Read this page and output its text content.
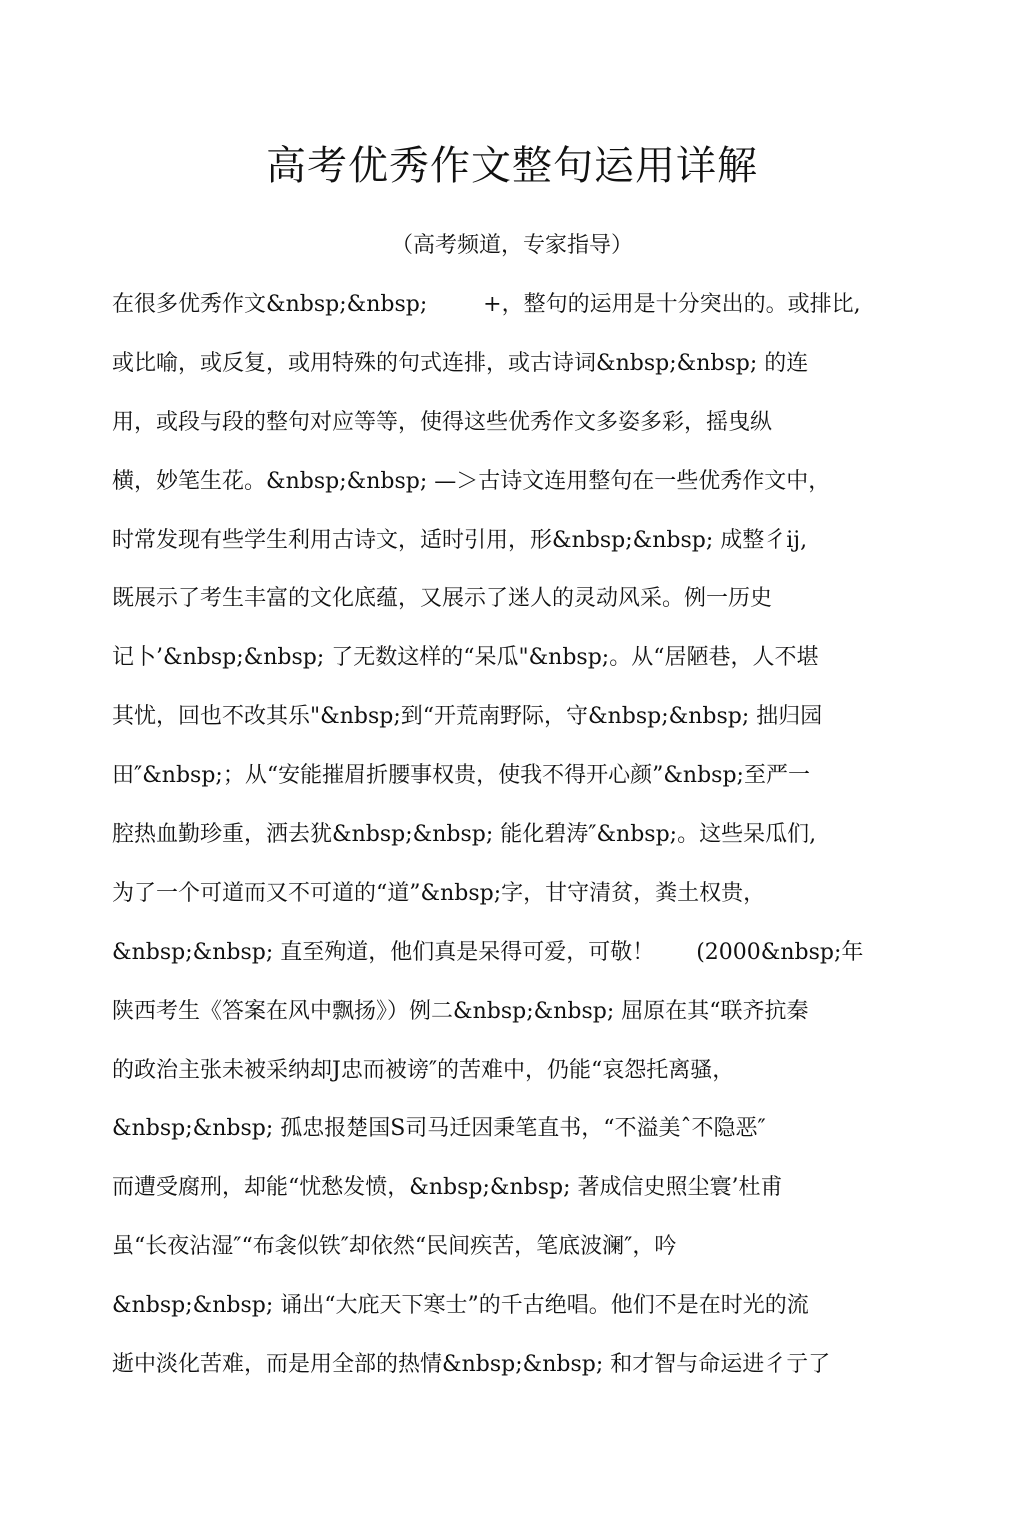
高考优秀作文整句运用详解

（高考频道，专家指导）

在很多优秀作文&nbsp;&nbsp;        +，整句的运用是十分突出的。或排比,
或比喻，或反复，或用特殊的句式连排，或古诗词&nbsp;&nbsp; 的连
用，或段与段的整句对应等等，使得这些优秀作文多姿多彩，摇曳纵
横，妙笔生花。&nbsp;&nbsp; —＞古诗文连用整句在一些优秀作文中，
时常发现有些学生利用古诗文，适时引用，形&nbsp;&nbsp; 成整彳ij,
既展示了考生丰富的文化底蕴，又展示了迷人的灵动风采。例一历史
记卜’&nbsp;&nbsp; 了无数这样的“呆瓜"&nbsp;。从“居陋巷，人不堪
其忧，回也不改其乐"&nbsp;到“开荒南野际，守&nbsp;&nbsp; 拙归园
田″&nbsp;；从“安能摧眉折腰事权贵，使我不得开心颜”&nbsp;至严一
腔热血勤珍重，洒去犹&nbsp;&nbsp; 能化碧涛″&nbsp;。这些呆瓜们,
为了一个可道而又不可道的“道”&nbsp;字，甘守清贫，粪土权贵，
&nbsp;&nbsp; 直至殉道，他们真是呆得可爱，可敬！      (2000&nbsp;年
陕西考生《答案在风中飘扬》）例二&nbsp;&nbsp; 屈原在其“联齐抗秦
的政治主张未被采纳却J忠而被谤″的苦难中，仍能“哀怨托离骚，
&nbsp;&nbsp; 孤忠报楚国S司马迁因秉笔直书，“不溢美ˆ不隐恶″
而遭受腐刑，却能“忧愁发愤，&nbsp;&nbsp; 著成信史照尘寰’杜甫
虽“长夜沾湿″“布衾似铁″却依然“民间疾苦，笔底波澜″，吟
&nbsp;&nbsp; 诵出“大庇天下寒士”的千古绝唱。他们不是在时光的流
逝中淡化苦难，而是用全部的热情&nbsp;&nbsp; 和才智与命运进彳亍了
